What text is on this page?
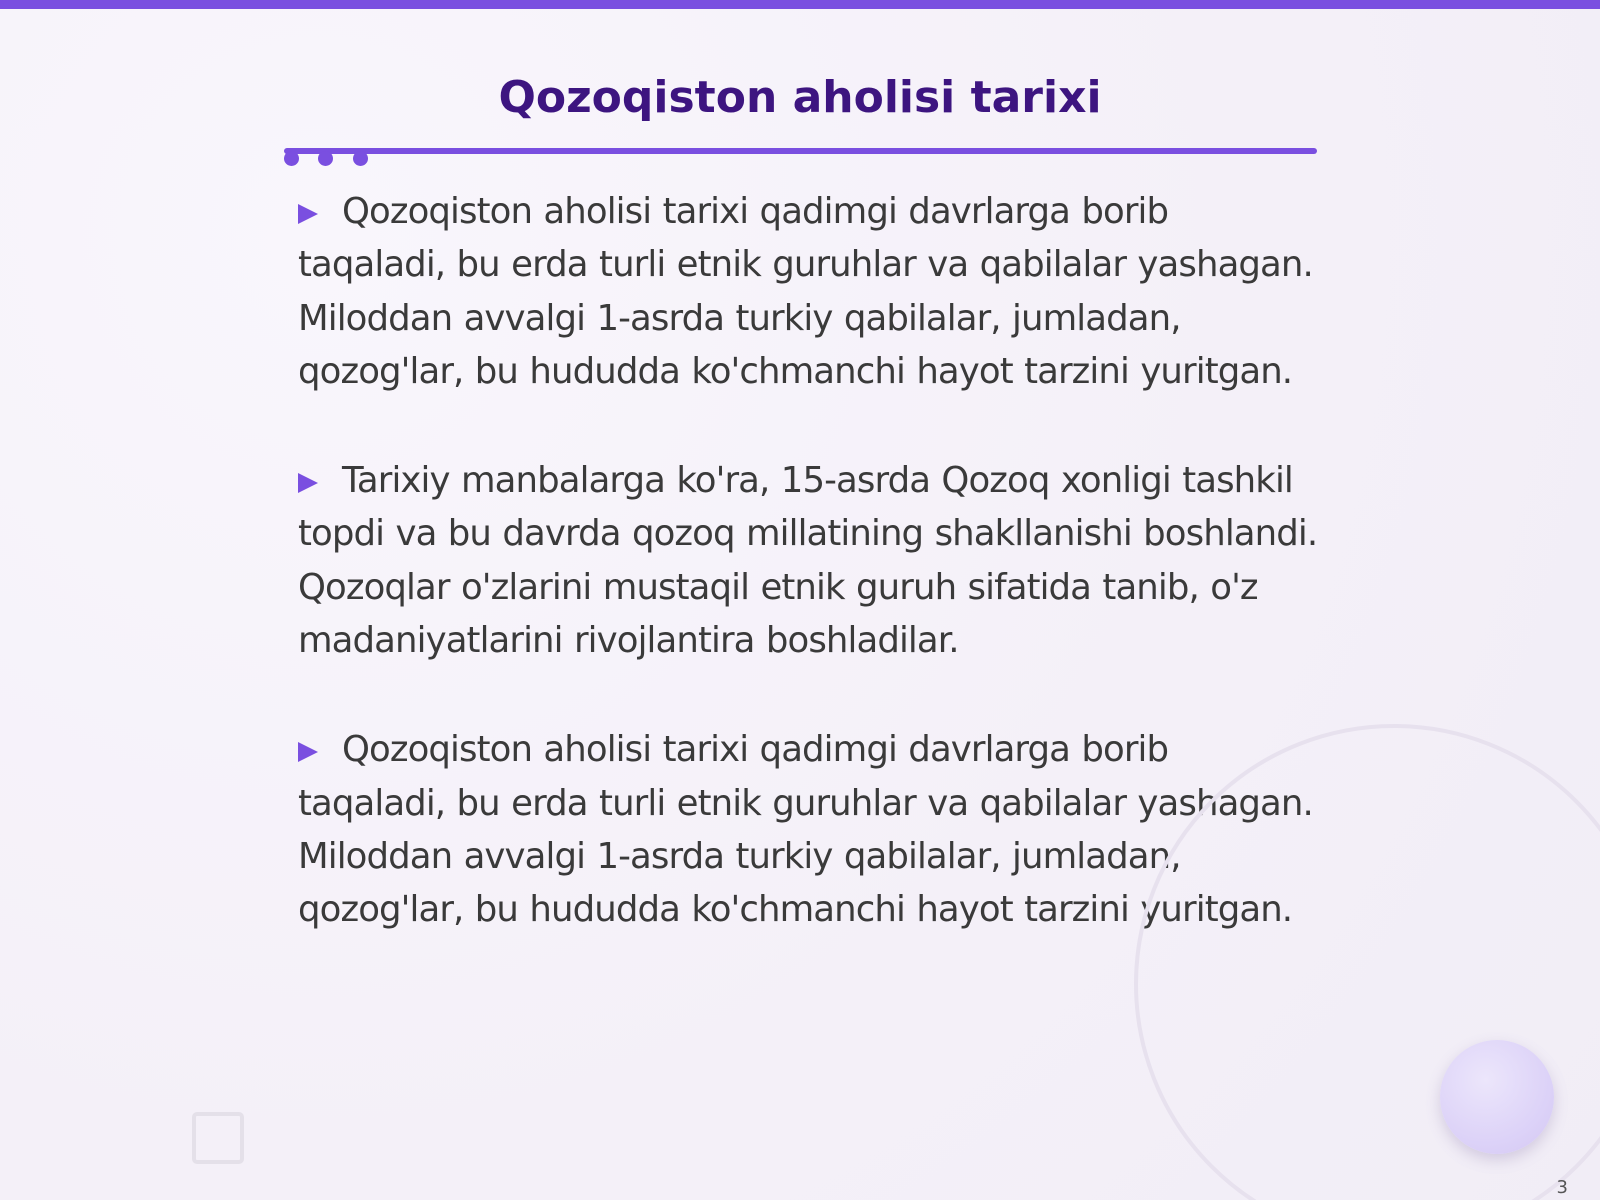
Qozoqiston aholisi tarixi

Qozoqiston aholisi tarixi qadimgi davrlarga borib taqaladi, bu erda turli etnik guruhlar va qabilalar yashagan. Miloddan avvalgi 1-asrda turkiy qabilalar, jumladan, qozog'lar, bu hududda ko'chmanchi hayot tarzini yuritgan.

Tarixiy manbalarga ko'ra, 15-asrda Qozoq xonligi tashkil topdi va bu davrda qozoq millatining shakllanishi boshlandi. Qozoqlar o'zlarini mustaqil etnik guruh sifatida tanib, o'z madaniyatlarini rivojlantira boshladilar.

Qozoqiston aholisi tarixi qadimgi davrlarga borib taqaladi, bu erda turli etnik guruhlar va qabilalar yashagan. Miloddan avvalgi 1-asrda turkiy qabilalar, jumladan, qozog'lar, bu hududda ko'chmanchi hayot tarzini yuritgan.

3
